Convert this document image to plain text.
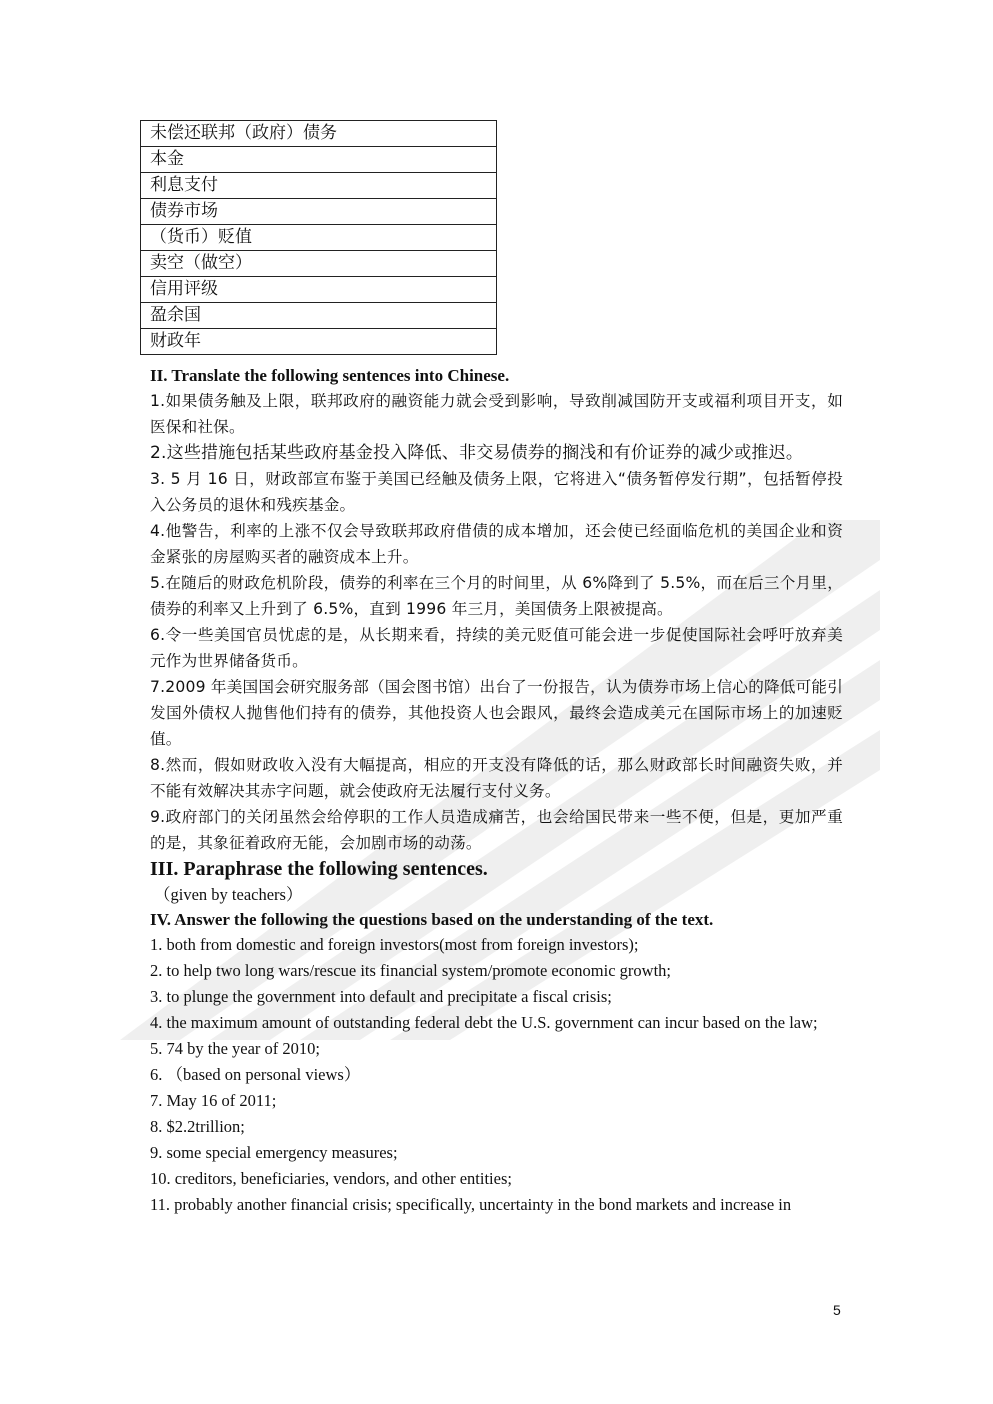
未偿还联邦（政府）债务
本金
利息支付
债券市场
（货币）贬值
卖空（做空）
信用评级
盈余国
财政年

II. Translate the following sentences into Chinese.

1.如果债务触及上限，联邦政府的融资能力就会受到影响，导致削减国防开支或福利项目开支，如医保和社保。

2.这些措施包括某些政府基金投入降低、非交易债券的搁浅和有价证券的减少或推迟。

3. 5 月 16 日，财政部宣布鉴于美国已经触及债务上限，它将进入“债务暂停发行期”，包括暂停投入公务员的退休和残疾基金。

4.他警告，利率的上涨不仅会导致联邦政府借债的成本增加，还会使已经面临危机的美国企业和资金紧张的房屋购买者的融资成本上升。

5.在随后的财政危机阶段，债券的利率在三个月的时间里，从 6%降到了 5.5%，而在后三个月里，债券的利率又上升到了 6.5%，直到 1996 年三月，美国债务上限被提高。

6.令一些美国官员忧虑的是，从长期来看，持续的美元贬值可能会进一步促使国际社会呼吁放弃美元作为世界储备货币。

7.2009 年美国国会研究服务部（国会图书馆）出台了一份报告，认为债券市场上信心的降低可能引发国外债权人抛售他们持有的债券，其他投资人也会跟风，最终会造成美元在国际市场上的加速贬值。

8.然而，假如财政收入没有大幅提高，相应的开支没有降低的话，那么财政部长时间融资失败，并不能有效解决其赤字问题，就会使政府无法履行支付义务。

9.政府部门的关闭虽然会给停职的工作人员造成痛苦，也会给国民带来一些不便，但是，更加严重的是，其象征着政府无能，会加剧市场的动荡。

III. Paraphrase the following sentences.

（given by teachers）

IV. Answer the following the questions based on the understanding of the text.

1. both from domestic and foreign investors(most from foreign investors);

2. to help two long wars/rescue its financial system/promote economic growth;

3. to plunge the government into default and precipitate a fiscal crisis;

4. the maximum amount of outstanding federal debt the U.S. government can incur based on the law;

5. 74 by the year of 2010;

6. （based on personal views）

7. May 16 of 2011;

8. $2.2trillion;

9. some special emergency measures;

10. creditors, beneficiaries, vendors, and other entities;

11. probably another financial crisis; specifically, uncertainty in the bond markets and increase in

5
